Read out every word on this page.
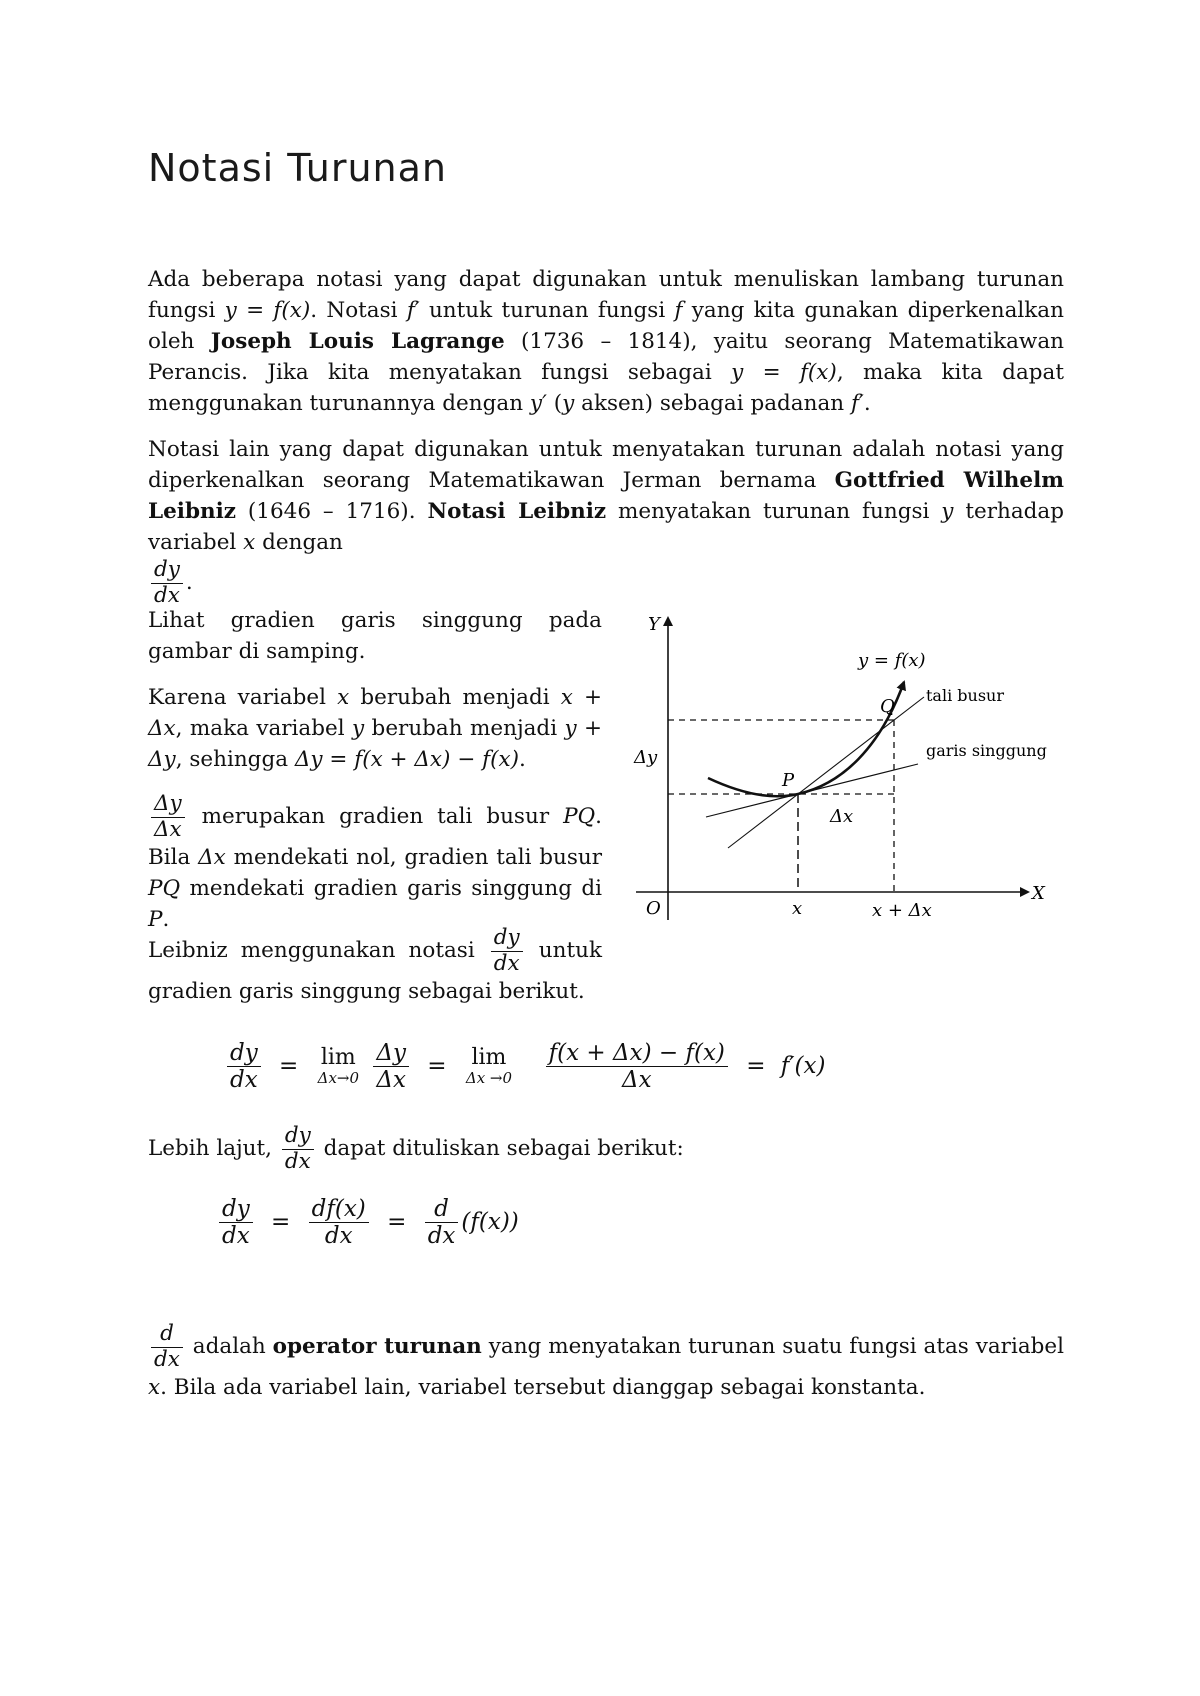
Notasi Turunan

Ada beberapa notasi yang dapat digunakan untuk menuliskan lambang turunan fungsi y = f(x). Notasi f′ untuk turunan fungsi f yang kita gunakan diperkenalkan oleh Joseph Louis Lagrange (1736 – 1814), yaitu seorang Matematikawan Perancis. Jika kita menyatakan fungsi sebagai y = f(x), maka kita dapat menggunakan turunannya dengan y′ (y aksen) sebagai padanan f′.

Notasi lain yang dapat digunakan untuk menyatakan turunan adalah notasi yang diperkenalkan seorang Matematikawan Jerman bernama Gottfried Wilhelm Leibniz (1646 – 1716). Notasi Leibniz menyatakan turunan fungsi y terhadap variabel x dengan

$\frac{dy}{dx}$ .

Lihat gradien garis singgung pada gambar di samping.

Karena variabel x berubah menjadi x + Δx, maka variabel y berubah menjadi y + Δy, sehingga Δy = f(x + Δx) − f(x).

$\frac{\Delta y}{\Delta x}$ merupakan gradien tali busur PQ. Bila Δx mendekati nol, gradien tali busur PQ mendekati gradien garis singgung di P.

Leibniz menggunakan notasi $\frac{dy}{dx}$ untuk gradien garis singgung sebagai berikut.

$\frac{dy}{dx} = \lim$
Δx→0
$\frac{\Delta y}{\Delta x} = \lim$
Δx →0
$\frac{f(x + \Delta x) - f(x)}{\Delta x} = f'(x)$

Lebih lajut, $\frac{dy}{dx}$ dapat dituliskan sebagai berikut:

$\frac{dy}{dx} = \frac{df(x)}{dx} = \frac{d}{dx} (f(x))$

$\frac{d}{dx}$ adalah operator turunan yang menyatakan turunan suatu fungsi atas variabel x. Bila ada variabel lain, variabel tersebut dianggap sebagai konstanta.

Y
X
O
y = f(x)
Q
P
tali busur
garis singgung
Δy
Δx
x	x + Δx
